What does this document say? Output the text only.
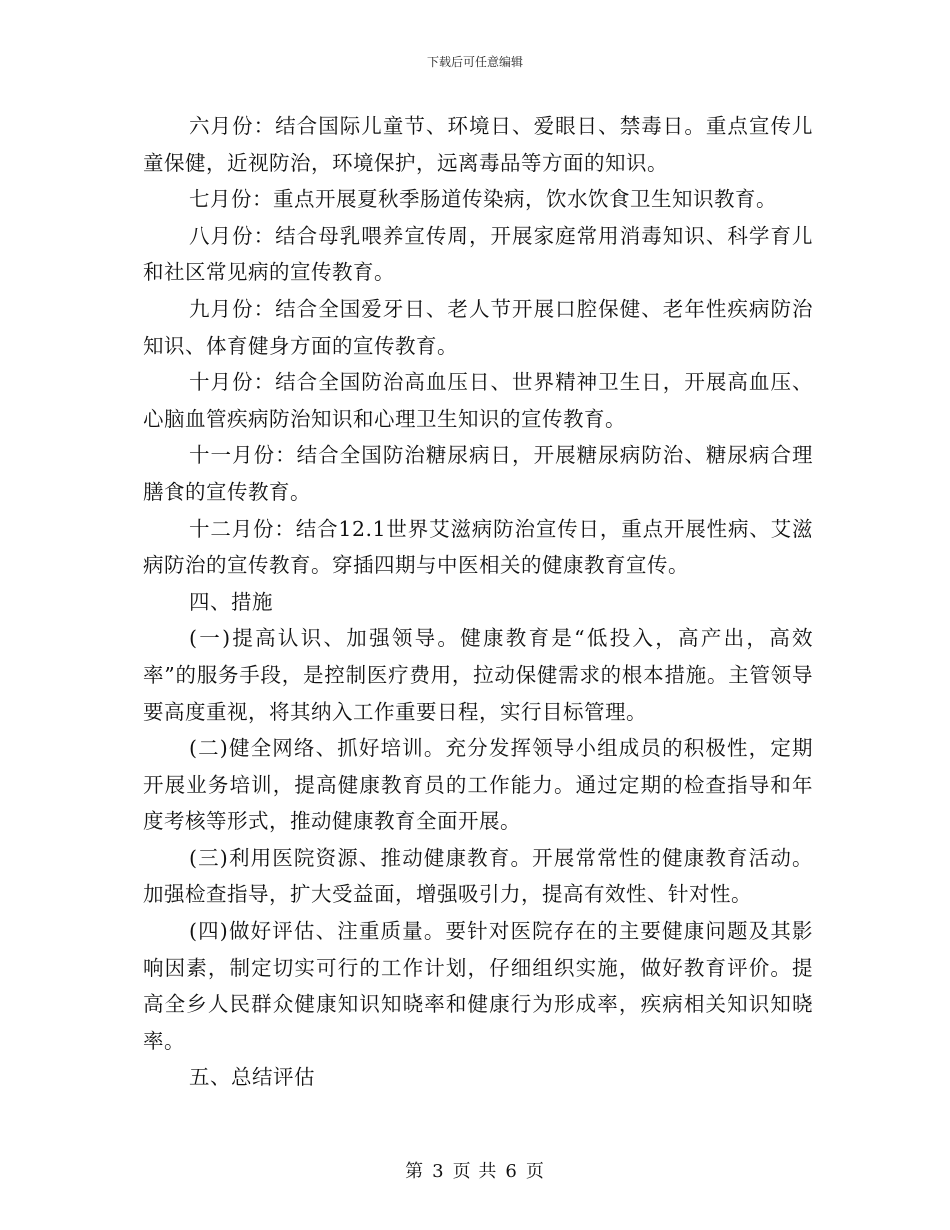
下载后可任意编辑

六月份：结合国际儿童节、环境日、爱眼日、禁毒日。重点宣传儿童保健，近视防治，环境保护，远离毒品等方面的知识。

七月份：重点开展夏秋季肠道传染病，饮水饮食卫生知识教育。

八月份：结合母乳喂养宣传周，开展家庭常用消毒知识、科学育儿和社区常见病的宣传教育。

九月份：结合全国爱牙日、老人节开展口腔保健、老年性疾病防治知识、体育健身方面的宣传教育。

十月份：结合全国防治高血压日、世界精神卫生日，开展高血压、心脑血管疾病防治知识和心理卫生知识的宣传教育。

十一月份：结合全国防治糖尿病日，开展糖尿病防治、糖尿病合理膳食的宣传教育。

十二月份：结合12.1世界艾滋病防治宣传日，重点开展性病、艾滋病防治的宣传教育。穿插四期与中医相关的健康教育宣传。

四、措施

(一)提高认识、加强领导。健康教育是“低投入，高产出，高效率”的服务手段，是控制医疗费用，拉动保健需求的根本措施。主管领导要高度重视，将其纳入工作重要日程，实行目标管理。

(二)健全网络、抓好培训。充分发挥领导小组成员的积极性，定期开展业务培训，提高健康教育员的工作能力。通过定期的检查指导和年度考核等形式，推动健康教育全面开展。

(三)利用医院资源、推动健康教育。开展常常性的健康教育活动。加强检查指导，扩大受益面，增强吸引力，提高有效性、针对性。

(四)做好评估、注重质量。要针对医院存在的主要健康问题及其影响因素，制定切实可行的工作计划，仔细组织实施，做好教育评价。提高全乡人民群众健康知识知晓率和健康行为形成率，疾病相关知识知晓率。

五、总结评估

第 3 页 共 6 页
